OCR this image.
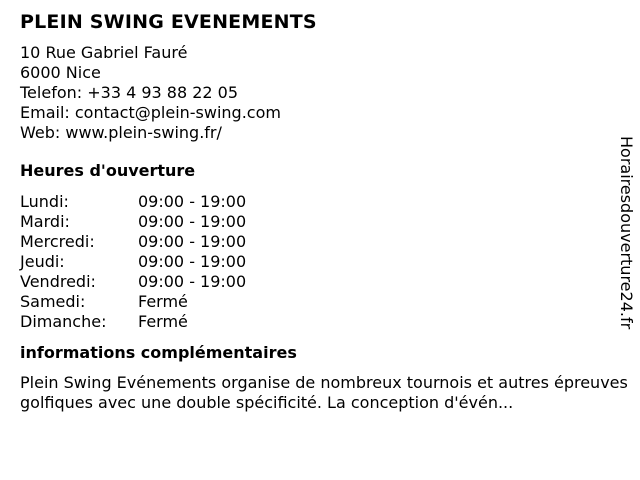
PLEIN SWING EVENEMENTS
10 Rue Gabriel Fauré
6000 Nice
Telefon: +33 4 93 88 22 05
Email: contact@plein-swing.com
Web: www.plein-swing.fr/
Heures d'ouverture
Lundi:	09:00 - 19:00
Mardi:	09:00 - 19:00
Mercredi:	09:00 - 19:00
Jeudi:	09:00 - 19:00
Vendredi:	09:00 - 19:00
Samedi:	Fermé
Dimanche:	Fermé
informations complémentaires

Plein Swing Evénements organise de nombreux tournois et autres épreuves golfiques avec une double spécificité. La conception d'évén...

Horairesdouverture24.fr
